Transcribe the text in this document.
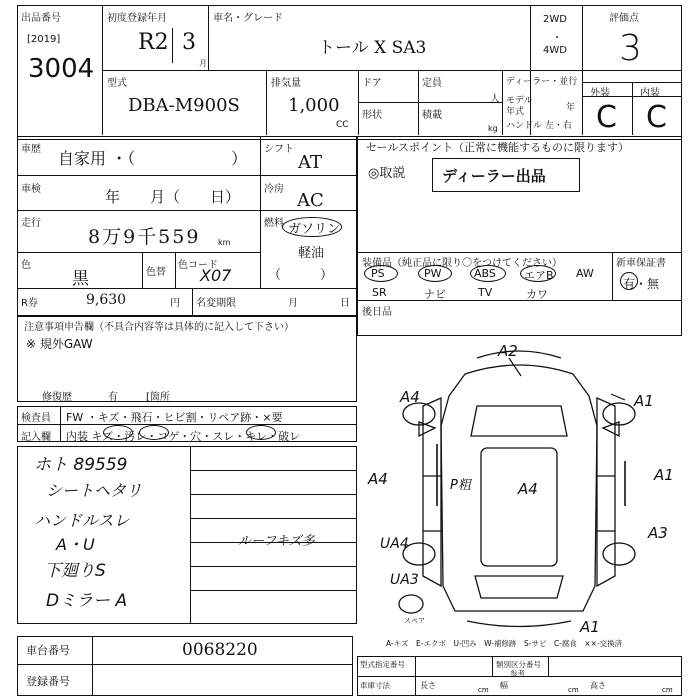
出品番号
[2019]
3004
初度登録年月
R2 3
月
車名・グレード
トール X SA3
2WD
・
4WD
評価点
3
外装	内装
C C
型式
DBA-M900S
排気量
1,000
CC
ドア
形状
定員
人
積載
kg
ディーラー・並行
モデル
年式	年
ハンドル 左・右
車歴 自家用 ・（　　　　　　） シフト
AT
車検	年　　月（　　日） 冷房
AC
走行
8万9千559 km
燃料 ガソリン
軽油
（　　　）
色
黒	色替
色コード
X07
R券	9,630	円 名変期限	月	日
セールスポイント（正常に機能するものに限ります）
◎取説 ディーラー出品
装備品（純正品に限り〇をつけてください）	新車保証書
有・無
PS	PW	ABS	エアB AW
SR	ナビ	TV	カワ
後日品
注意事項申告欄（不具合内容等は具体的に記入して下さい）
※ 規外GAW
修復歴	有	[箇所
検査員
記入欄
FW ・キズ・飛石・ヒビ割・リペア跡・×要
内装 キズ・汚レ・コゲ・穴・スレ・キレ・破レ
ホト 89559
シートヘタリ
ハンドルスレ
A・U
下廻りS
Dミラー A
ルーフキズ多
A2
A4	A1
A4	P粗	A4
A1
UA4
A3
UA3
A1
スペア
A-キズ　E-エクボ　U-凹み　W-補修跡　S-サビ　C-腐食　××-交換済
車台番号	0068220
登録番号
型式指定番号	類別区分番号
参考
車庫寸法	長さ	cm 幅	cm 高さ	cm
